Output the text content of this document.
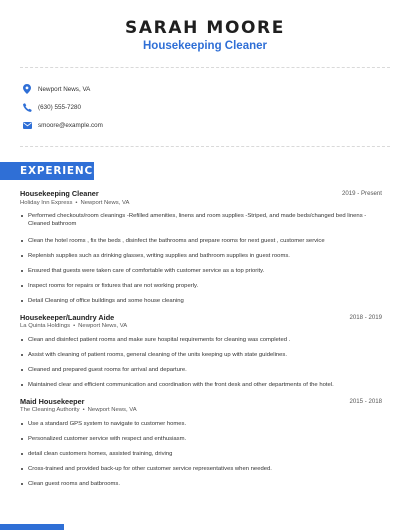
SARAH MOORE
Housekeeping Cleaner
Newport News, VA
(630) 555-7280
smoore@example.com
EXPERIENCE
Housekeeping Cleaner	2019 - Present
Holiday Inn Express • Newport News, VA
Performed checkouts/room cleanings -Refilled amenities, linens and room supplies -Striped, and made beds/changed bed linens -Cleaned bathroom
Clean the hotel rooms , fix the beds , disinfect the bathrooms and prepare rooms for next guest , customer service
Replenish supplies such as drinking glasses, writing supplies and bathroom supplies in guest rooms.
Ensured that guests were taken care of comfortable with customer service as a top priority.
Inspect rooms for repairs or fixtures that are not working properly.
Detail Cleaning of office buildings and some house cleaning
Housekeeper/Laundry Aide	2018 - 2019
La Quinta Holdings • Newport News, VA
Clean and disinfect patient rooms and make sure hospital requirements for cleaning was completed .
Assist with cleaning of patient rooms, general cleaning of the units keeping up with state guidelines.
Cleaned and prepared guest rooms for arrival and departure.
Maintained clear and efficient communication and coordination with the front desk and other departments of the hotel.
Maid Housekeeper	2015 - 2018
The Cleaning Authority • Newport News, VA
Use a standard GPS system to navigate to customer homes.
Personalized customer service with respect and enthusiasm.
detail clean customers homes, assisted training, driving
Cross-trained and provided back-up for other customer service representatives when needed.
Clean guest rooms and batbrooms.
